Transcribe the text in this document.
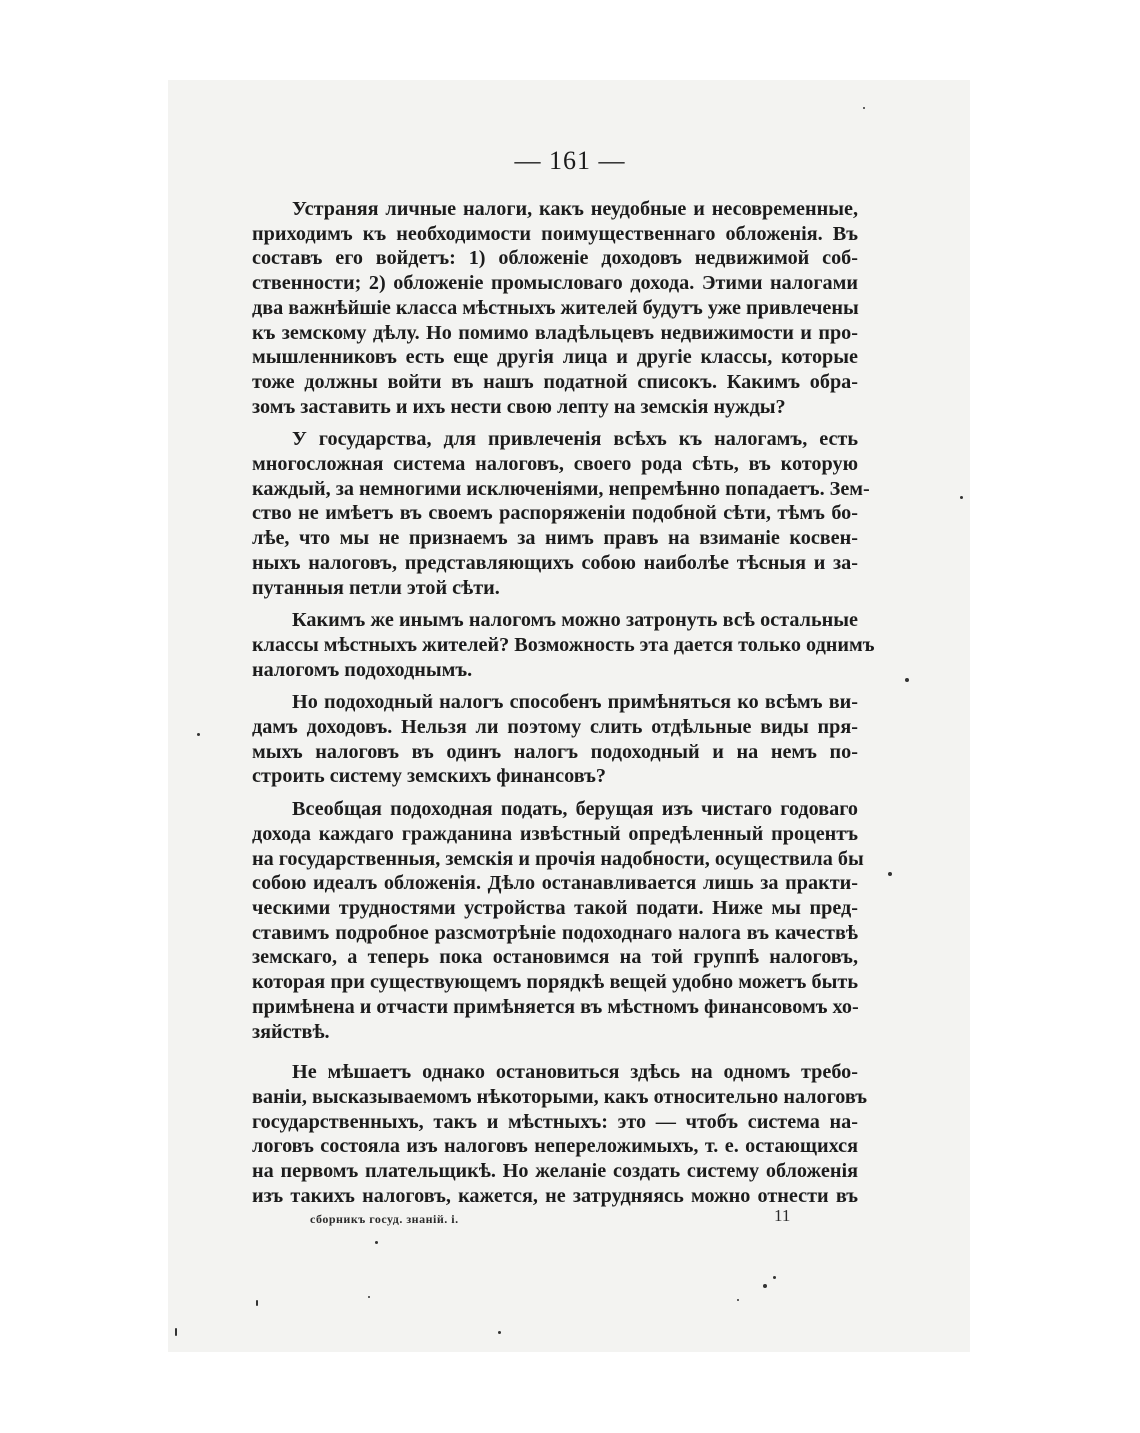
— 161 —
Устраняя личные налоги, какъ неудобные и несовременные,
приходимъ къ необходимости поимущественнаго обложенія. Въ
составъ его войдетъ: 1) обложеніе доходовъ недвижимой соб-
ственности; 2) обложеніе промысловаго дохода. Этими налогами
два важнѣйшіе класса мѣстныхъ жителей будутъ уже привлечены
къ земскому дѣлу. Но помимо владѣльцевъ недвижимости и про-
мышленниковъ есть еще другія лица и другіе классы, которые
тоже должны войти въ нашъ податной списокъ. Какимъ обра-
зомъ заставить и ихъ нести свою лепту на земскія нужды?
У государства, для привлеченія всѣхъ къ налогамъ, есть
многосложная система налоговъ, своего рода сѣть, въ которую
каждый, за немногими исключеніями, непремѣнно попадаетъ. Зем-
ство не имѣетъ въ своемъ распоряженіи подобной сѣти, тѣмъ бо-
лѣе, что мы не признаемъ за нимъ правъ на взиманіе косвен-
ныхъ налоговъ, представляющихъ собою наиболѣе тѣсныя и за-
путанныя петли этой сѣти.
Какимъ же инымъ налогомъ можно затронуть всѣ остальные
классы мѣстныхъ жителей? Возможность эта дается только однимъ
налогомъ подоходнымъ.
Но подоходный налогъ способенъ примѣняться ко всѣмъ ви-
дамъ доходовъ. Нельзя ли поэтому слить отдѣльные виды пря-
мыхъ налоговъ въ одинъ налогъ подоходный и на немъ по-
строить систему земскихъ финансовъ?
Всеобщая подоходная подать, берущая изъ чистаго годоваго
дохода каждаго гражданина извѣстный опредѣленный процентъ
на государственныя, земскія и прочія надобности, осуществила бы
собою идеалъ обложенія. Дѣло останавливается лишь за практи-
ческими трудностями устройства такой подати. Ниже мы пред-
ставимъ подробное разсмотрѣніе подоходнаго налога въ качествѣ
земскаго, а теперь пока остановимся на той группѣ налоговъ,
которая при существующемъ порядкѣ вещей удобно можетъ быть
примѣнена и отчасти примѣняется въ мѣстномъ финансовомъ хо-
зяйствѣ.
Не мѣшаетъ однако остановиться здѣсь на одномъ требо-
ваніи, высказываемомъ нѣкоторыми, какъ относительно налоговъ
государственныхъ, такъ и мѣстныхъ: это — чтобъ система на-
логовъ состояла изъ налоговъ непереложимыхъ, т. е. остающихся
на первомъ плательщикѣ. Но желаніе создать систему обложенія
изъ такихъ налоговъ, кажется, не затрудняясь можно отнести въ
сборникъ госуд. знаній. i.	11
